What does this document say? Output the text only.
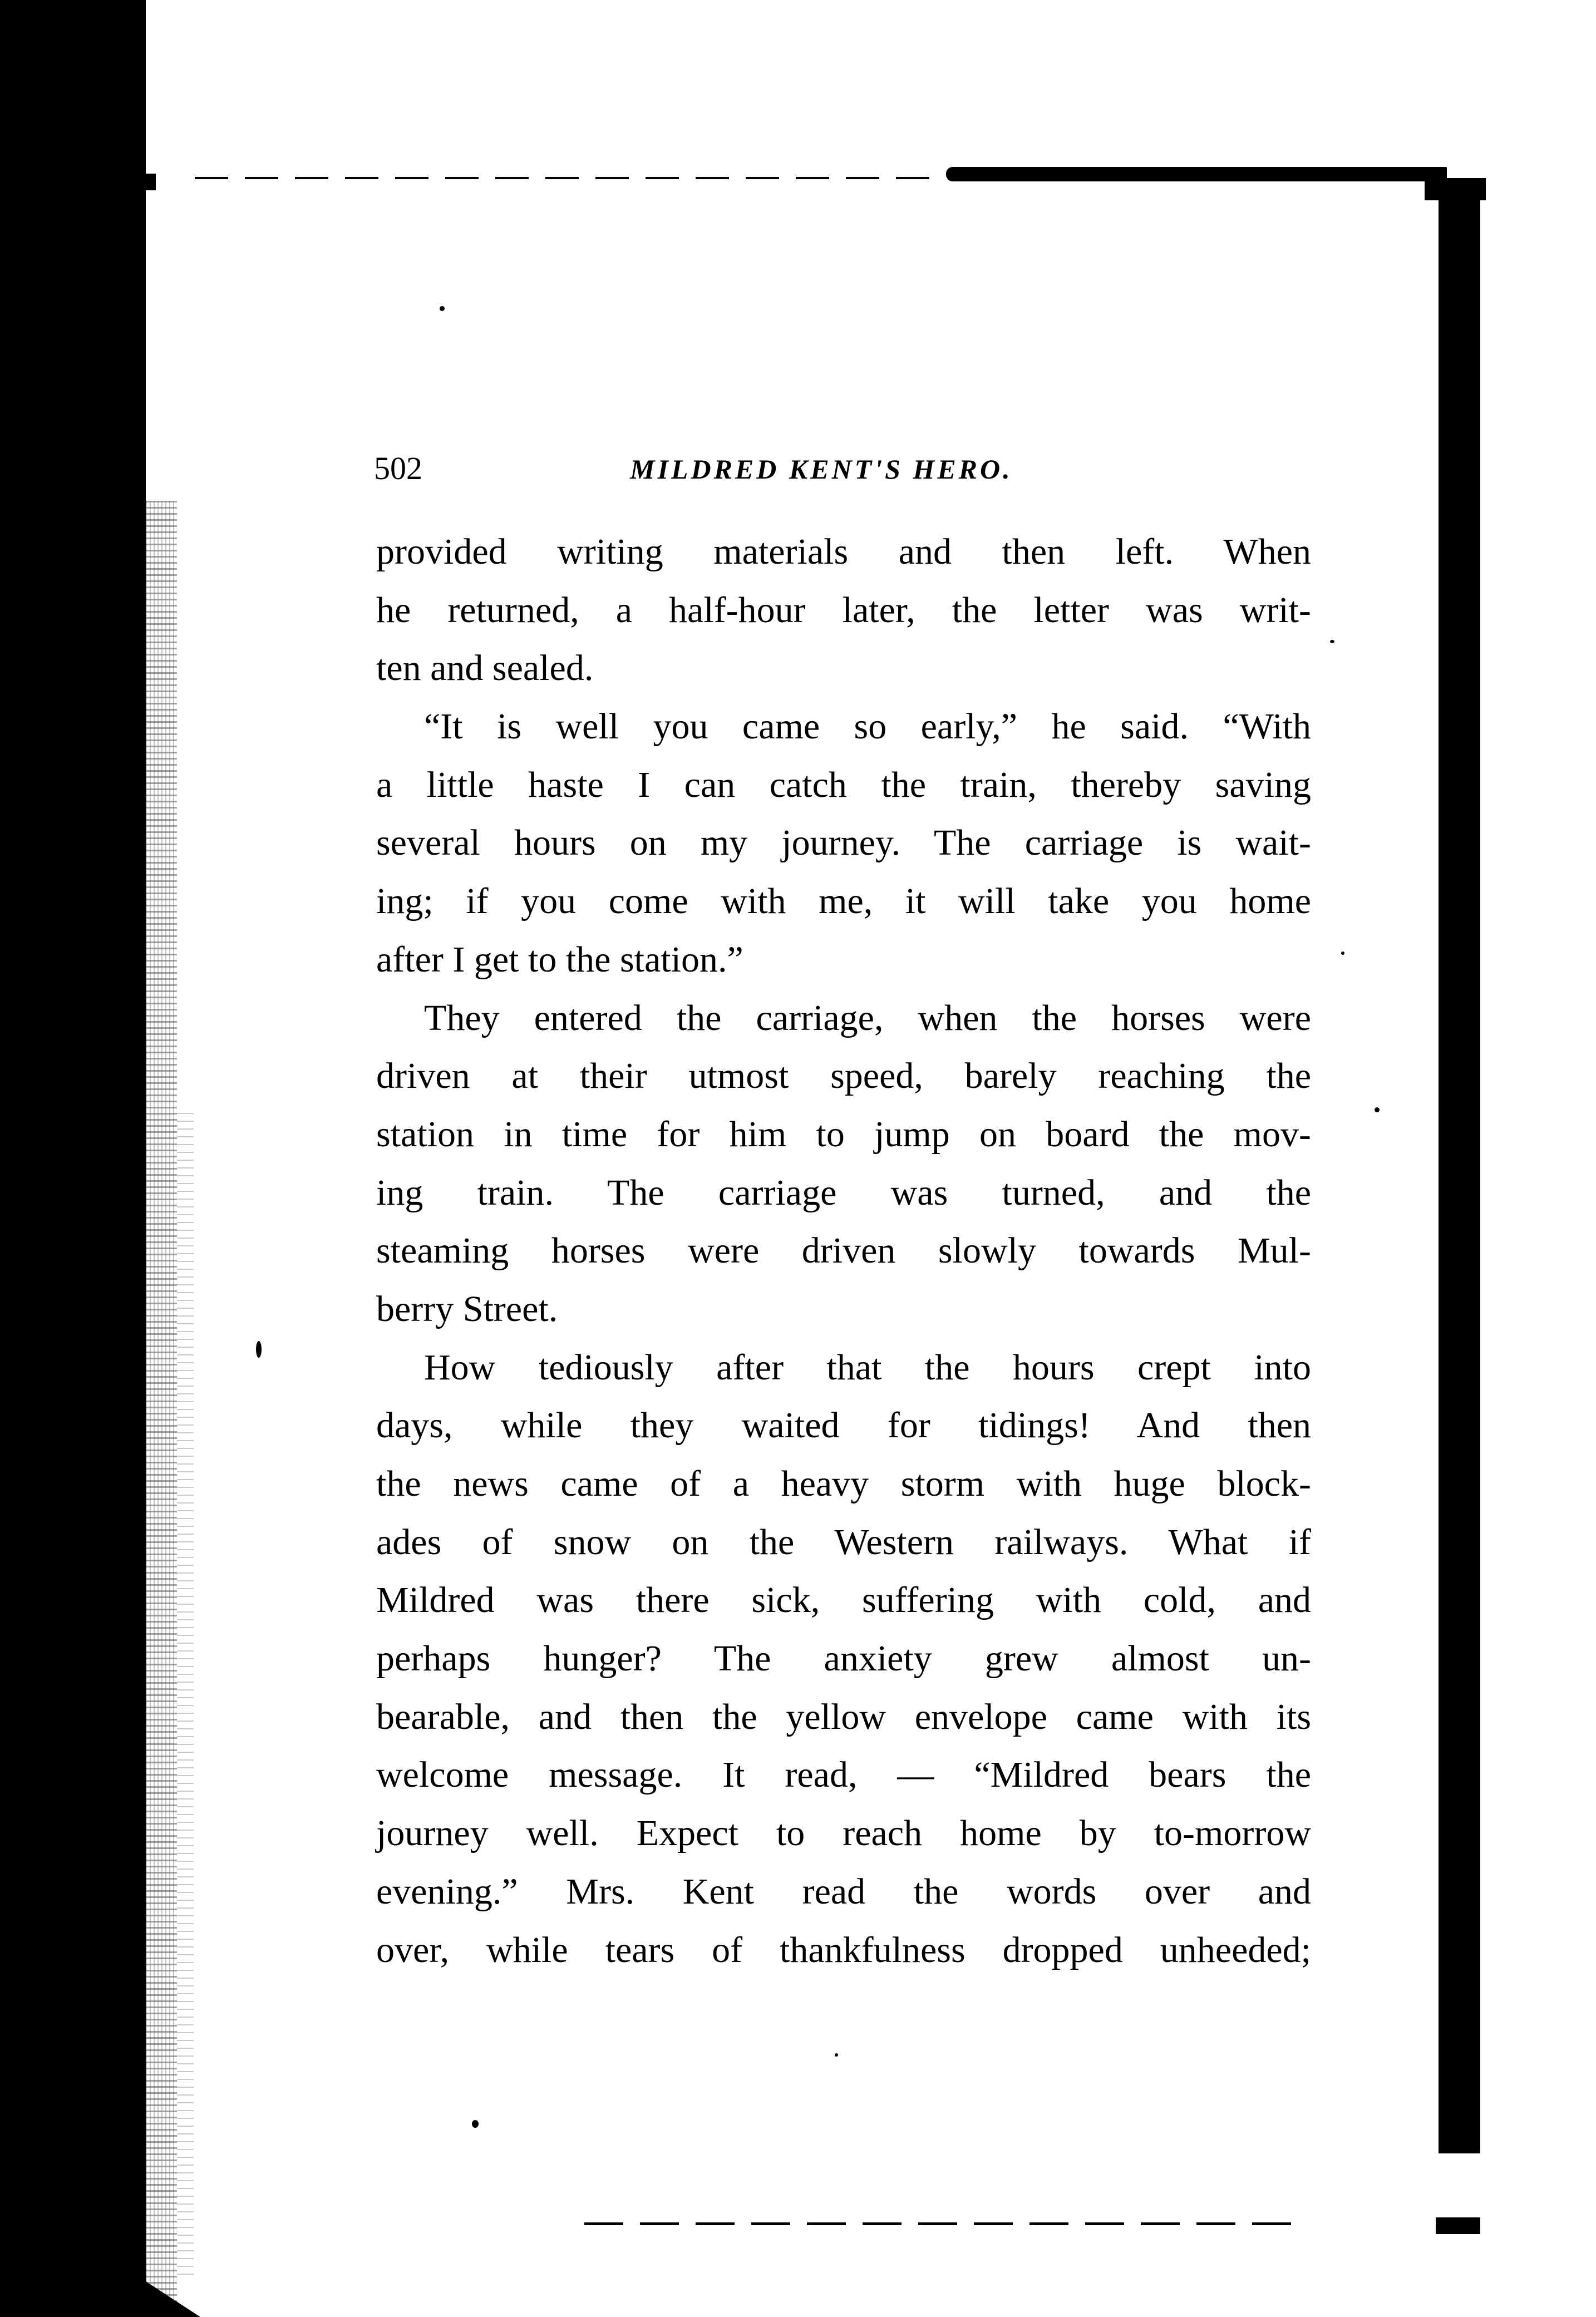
502	MILDRED KENT'S HERO.
provided writing materials and then left. When
he returned, a half-hour later, the letter was writ-
ten and sealed.
“It is well you came so early,” he said. “With
a little haste I can catch the train, thereby saving
several hours on my journey. The carriage is wait-
ing; if you come with me, it will take you home
after I get to the station.”
They entered the carriage, when the horses were
driven at their utmost speed, barely reaching the
station in time for him to jump on board the mov-
ing train. The carriage was turned, and the
steaming horses were driven slowly towards Mul-
berry Street.
How tediously after that the hours crept into
days, while they waited for tidings! And then
the news came of a heavy storm with huge block-
ades of snow on the Western railways. What if
Mildred was there sick, suffering with cold, and
perhaps hunger? The anxiety grew almost un-
bearable, and then the yellow envelope came with its
welcome message. It read, — “Mildred bears the
journey well. Expect to reach home by to-morrow
evening.” Mrs. Kent read the words over and
over, while tears of thankfulness dropped unheeded;
